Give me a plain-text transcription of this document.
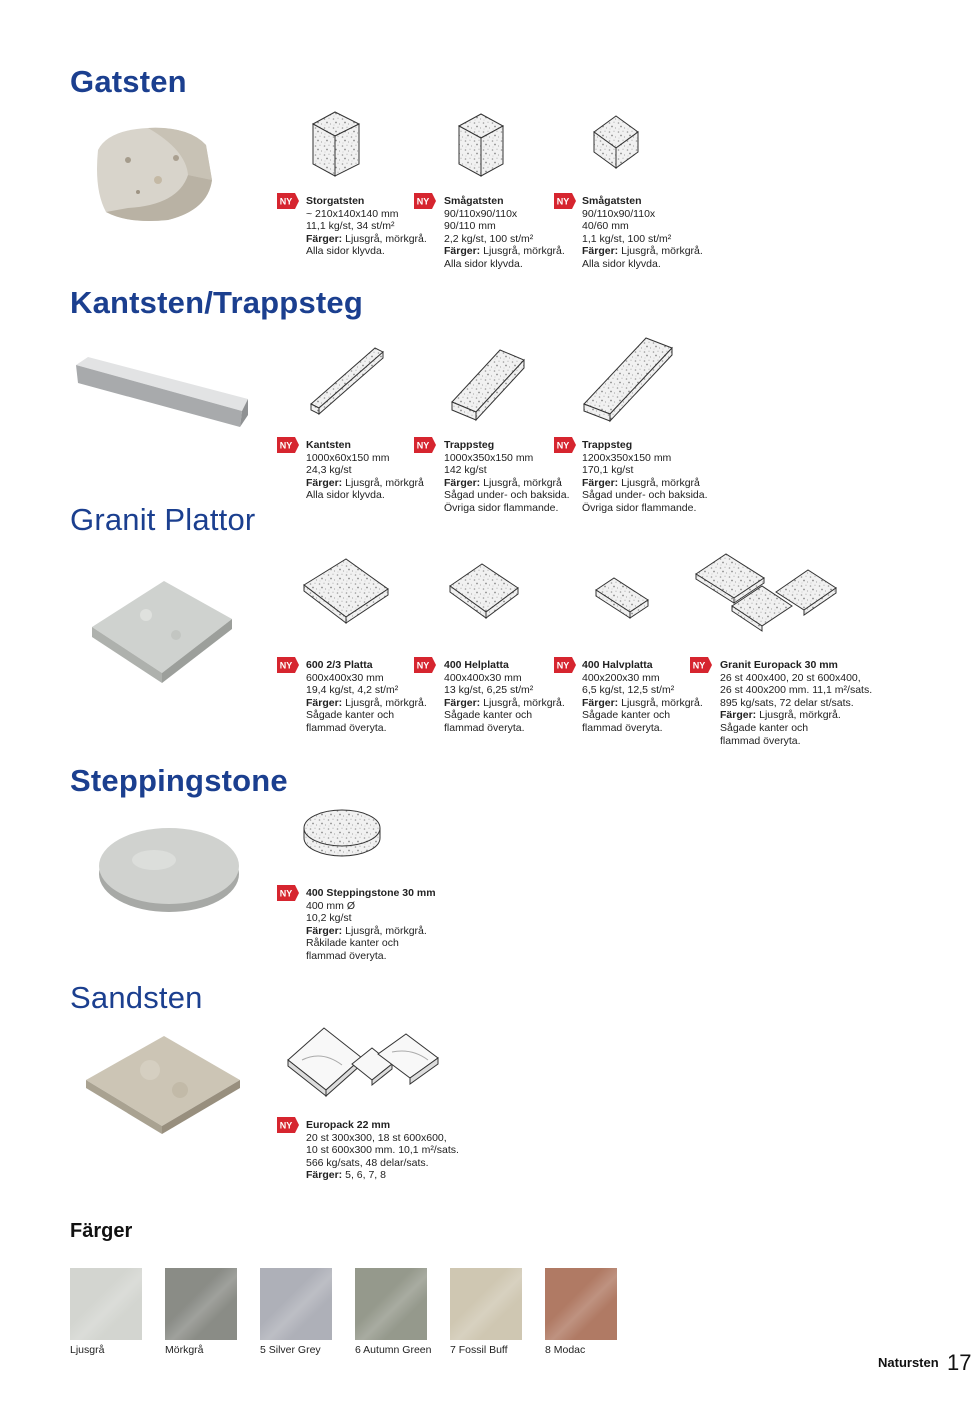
Gatsten
Kantsten/Trappsteg
Granit Plattor
Steppingstone
Sandsten
Färger
Storgatsten
~ 210x140x140 mm
11,1 kg/st, 34 st/m²
Färger: Ljusgrå, mörkgrå.
Alla sidor klyvda.
Smågatsten
90/110x90/110x
90/110 mm
2,2 kg/st, 100 st/m²
Färger: Ljusgrå, mörkgrå.
Alla sidor klyvda.
Smågatsten
90/110x90/110x
40/60 mm
1,1 kg/st, 100 st/m²
Färger: Ljusgrå, mörkgrå.
Alla sidor klyvda.
Kantsten
1000x60x150 mm
24,3 kg/st
Färger: Ljusgrå, mörkgrå
Alla sidor klyvda.
Trappsteg
1000x350x150 mm
142 kg/st
Färger: Ljusgrå, mörkgrå
Sågad under- och baksida.
Övriga sidor flammande.
Trappsteg
1200x350x150 mm
170,1 kg/st
Färger: Ljusgrå, mörkgrå
Sågad under- och baksida.
Övriga sidor flammande.
600 2/3 Platta
600x400x30 mm
19,4 kg/st, 4,2 st/m²
Färger: Ljusgrå, mörkgrå.
Sågade kanter och
flammad överyta.
400 Helplatta
400x400x30 mm
13 kg/st, 6,25 st/m²
Färger: Ljusgrå, mörkgrå.
Sågade kanter och
flammad överyta.
400 Halvplatta
400x200x30 mm
6,5 kg/st, 12,5 st/m²
Färger: Ljusgrå, mörkgrå.
Sågade kanter och
flammad överyta.
Granit Europack 30 mm
26 st 400x400, 20 st 600x400,
26 st 400x200 mm. 11,1 m²/sats.
895 kg/sats, 72 delar st/sats.
Färger: Ljusgrå, mörkgrå.
Sågade kanter och
flammad överyta.
400 Steppingstone 30 mm
400 mm Ø
10,2 kg/st
Färger: Ljusgrå, mörkgrå.
Råkilade kanter och
flammad överyta.
Europack 22 mm
20 st 300x300, 18 st 600x600,
10 st 600x300 mm. 10,1 m²/sats.
566 kg/sats, 48 delar/sats.
Färger: 5, 6, 7, 8
Ljusgrå	Mörkgrå	5 Silver Grey	6 Autumn Green 7 Fossil Buff	8 Modac
Natursten 17
